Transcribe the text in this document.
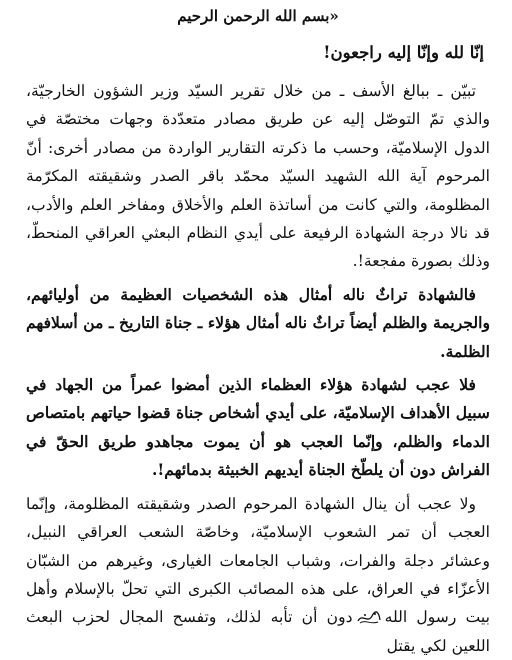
«بسم الله الرحمن الرحيم
إنّا لله وإنّا إليه راجعون!

تبيّن ـ ببالغ الأسف ـ من خلال تقرير السيّد وزير الشؤون الخارجيّة، والذي تمّ التوصّل إليه عن طريق مصادر متعدّدة وجهات مختصّة في الدول الإسلاميّة، وحسب ما ذكرته التقارير الواردة من مصادر أخرى: أنّ المرحوم آية الله الشهيد السيّد محمّد باقر الصدر وشقيقته المكرّمة المظلومة، والتي كانت من أساتذة العلم والأخلاق ومفاخر العلم والأدب، قد نالا درجة الشهادة الرفيعة على أيدي النظام البعثي العراقي المنحطّ، وذلك بصورة مفجعة!.

فالشهادة تراثٌ ناله أمثال هذه الشخصيات العظيمة من أوليائهم، والجريمة والظلم أيضاً تراثٌ ناله أمثال هؤلاء ـ جناة التاريخ ـ من أسلافهم الظلمة.

فلا عجب لشهادة هؤلاء العظماء الذين أمضوا عمراً من الجهاد في سبيل الأهداف الإسلاميّة، على أيدي أشخاص جناة قضوا حياتهم بامتصاص الدماء والظلم، وإنّما العجب هو أن يموت مجاهدو طريق الحقّ في الفراش دون أن يلطّخ الجناة أيديهم الخبيثة بدمائهم!.

ولا عجب أن ينال الشهادة المرحوم الصدر وشقيقته المظلومة، وإنّما العجب أن تمر الشعوب الإسلاميّة، وخاصّة الشعب العراقي النبيل، وعشائر دجلة والفرات، وشباب الجامعات الغيارى، وغيرهم من الشبّان الأعزّاء في العراق، على هذه المصائب الكبرى التي تحلّ بالإسلام وأهل بيت رسول اللهدون أن تأبه لذلك، وتفسح المجال لحزب البعث اللعين لكي يقتل
